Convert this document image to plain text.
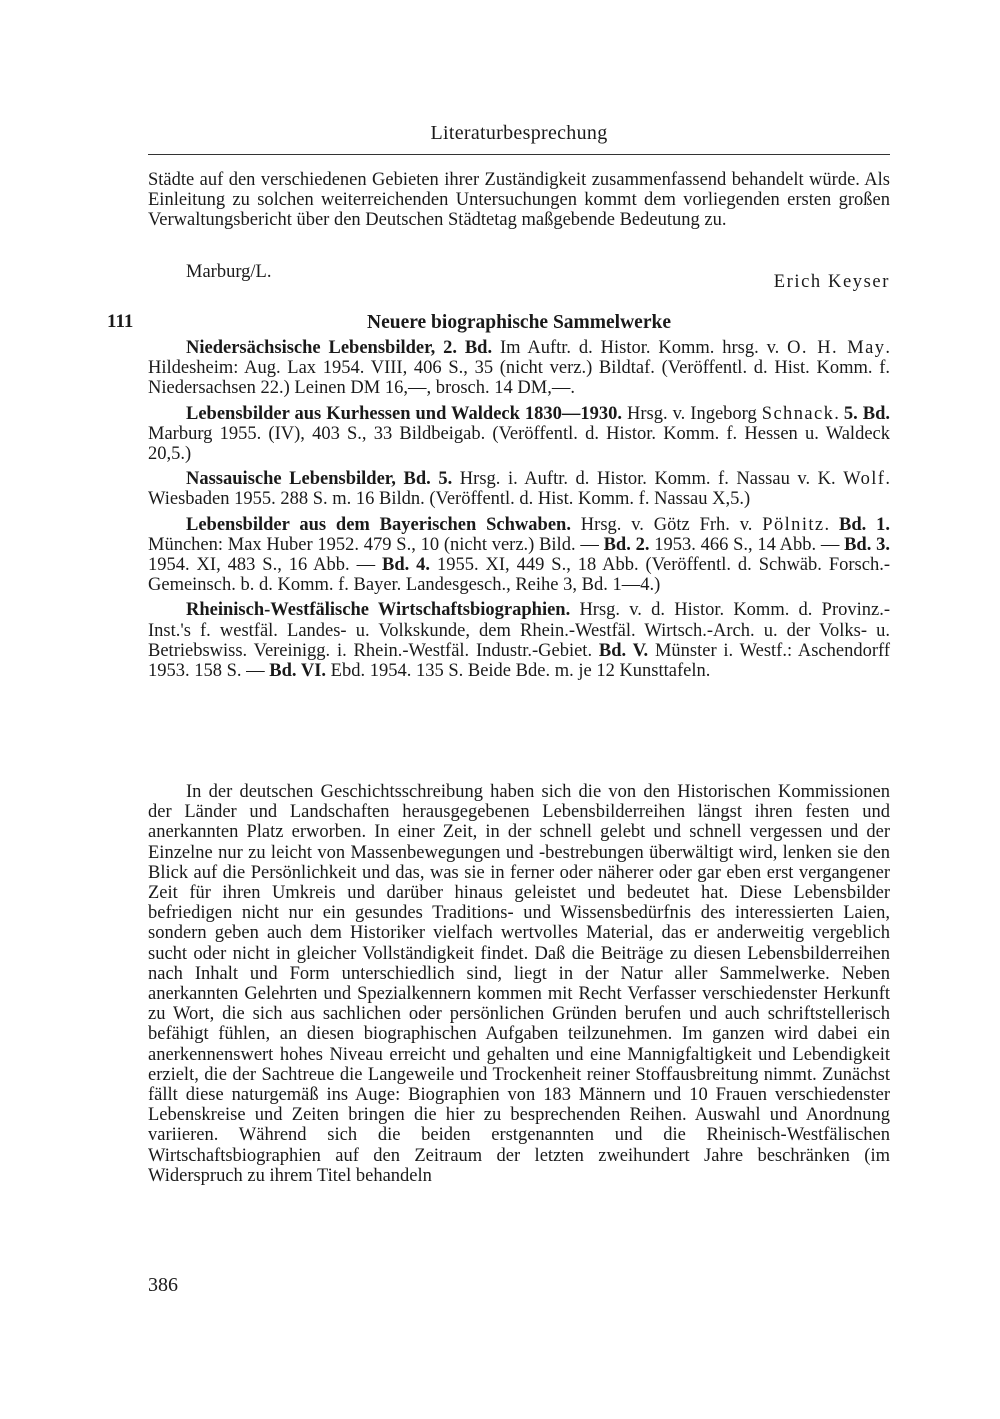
Literaturbesprechung

Städte auf den verschiedenen Gebieten ihrer Zuständigkeit zusammenfassend behandelt würde. Als Einleitung zu solchen weiterreichenden Untersuchungen kommt dem vorliegenden ersten großen Verwaltungsbericht über den Deutschen Städtetag maßgebende Bedeutung zu.

Marburg/L.	Erich Keyser
111	Neuere biographische Sammelwerke

Niedersächsische Lebensbilder, 2. Bd. Im Auftr. d. Histor. Komm. hrsg. v. O. H. May. Hildesheim: Aug. Lax 1954. VIII, 406 S., 35 (nicht verz.) Bildtaf. (Veröffentl. d. Hist. Komm. f. Niedersachsen 22.) Leinen DM 16,—, brosch. 14 DM,—.

Lebensbilder aus Kurhessen und Waldeck 1830—1930. Hrsg. v. Ingeborg Schnack. 5. Bd. Marburg 1955. (IV), 403 S., 33 Bildbeigab. (Veröffentl. d. Histor. Komm. f. Hessen u. Waldeck 20,5.)

Nassauische Lebensbilder, Bd. 5. Hrsg. i. Auftr. d. Histor. Komm. f. Nassau v. K. Wolf. Wiesbaden 1955. 288 S. m. 16 Bildn. (Veröffentl. d. Hist. Komm. f. Nassau X,5.)

Lebensbilder aus dem Bayerischen Schwaben. Hrsg. v. Götz Frh. v. Pölnitz. Bd. 1. München: Max Huber 1952. 479 S., 10 (nicht verz.) Bild. — Bd. 2. 1953. 466 S., 14 Abb. — Bd. 3. 1954. XI, 483 S., 16 Abb. — Bd. 4. 1955. XI, 449 S., 18 Abb. (Veröffentl. d. Schwäb. Forsch.-Gemeinsch. b. d. Komm. f. Bayer. Landesgesch., Reihe 3, Bd. 1—4.)

Rheinisch-Westfälische Wirtschaftsbiographien. Hrsg. v. d. Histor. Komm. d. Provinz.-Inst.'s f. westfäl. Landes- u. Volkskunde, dem Rhein.-Westfäl. Wirtsch.-Arch. u. der Volks- u. Betriebswiss. Vereinigg. i. Rhein.-Westfäl. Industr.-Gebiet. Bd. V. Münster i. Westf.: Aschendorff 1953. 158 S. — Bd. VI. Ebd. 1954. 135 S. Beide Bde. m. je 12 Kunsttafeln.

In der deutschen Geschichtsschreibung haben sich die von den Historischen Kommissionen der Länder und Landschaften herausgegebenen Lebensbilderreihen längst ihren festen und anerkannten Platz erworben. In einer Zeit, in der schnell gelebt und schnell vergessen und der Einzelne nur zu leicht von Massenbewegungen und -bestrebungen überwältigt wird, lenken sie den Blick auf die Persönlichkeit und das, was sie in ferner oder näherer oder gar eben erst vergangener Zeit für ihren Umkreis und darüber hinaus geleistet und bedeutet hat. Diese Lebensbilder befriedigen nicht nur ein gesundes Traditions- und Wissensbedürfnis des interessierten Laien, sondern geben auch dem Historiker vielfach wertvolles Material, das er anderweitig vergeblich sucht oder nicht in gleicher Vollständigkeit findet. Daß die Beiträge zu diesen Lebensbilderreihen nach Inhalt und Form unterschiedlich sind, liegt in der Natur aller Sammelwerke. Neben anerkannten Gelehrten und Spezialkennern kommen mit Recht Verfasser verschiedenster Herkunft zu Wort, die sich aus sachlichen oder persönlichen Gründen berufen und auch schriftstellerisch befähigt fühlen, an diesen biographischen Aufgaben teilzunehmen. Im ganzen wird dabei ein anerkennenswert hohes Niveau erreicht und gehalten und eine Mannigfaltigkeit und Lebendigkeit erzielt, die der Sachtreue die Langeweile und Trockenheit reiner Stoffausbreitung nimmt. Zunächst fällt diese naturgemäß ins Auge: Biographien von 183 Männern und 10 Frauen verschiedenster Lebenskreise und Zeiten bringen die hier zu besprechenden Reihen. Auswahl und Anordnung variieren. Während sich die beiden erstgenannten und die Rheinisch-Westfälischen Wirtschaftsbiographien auf den Zeitraum der letzten zweihundert Jahre beschränken (im Widerspruch zu ihrem Titel behandeln

386
